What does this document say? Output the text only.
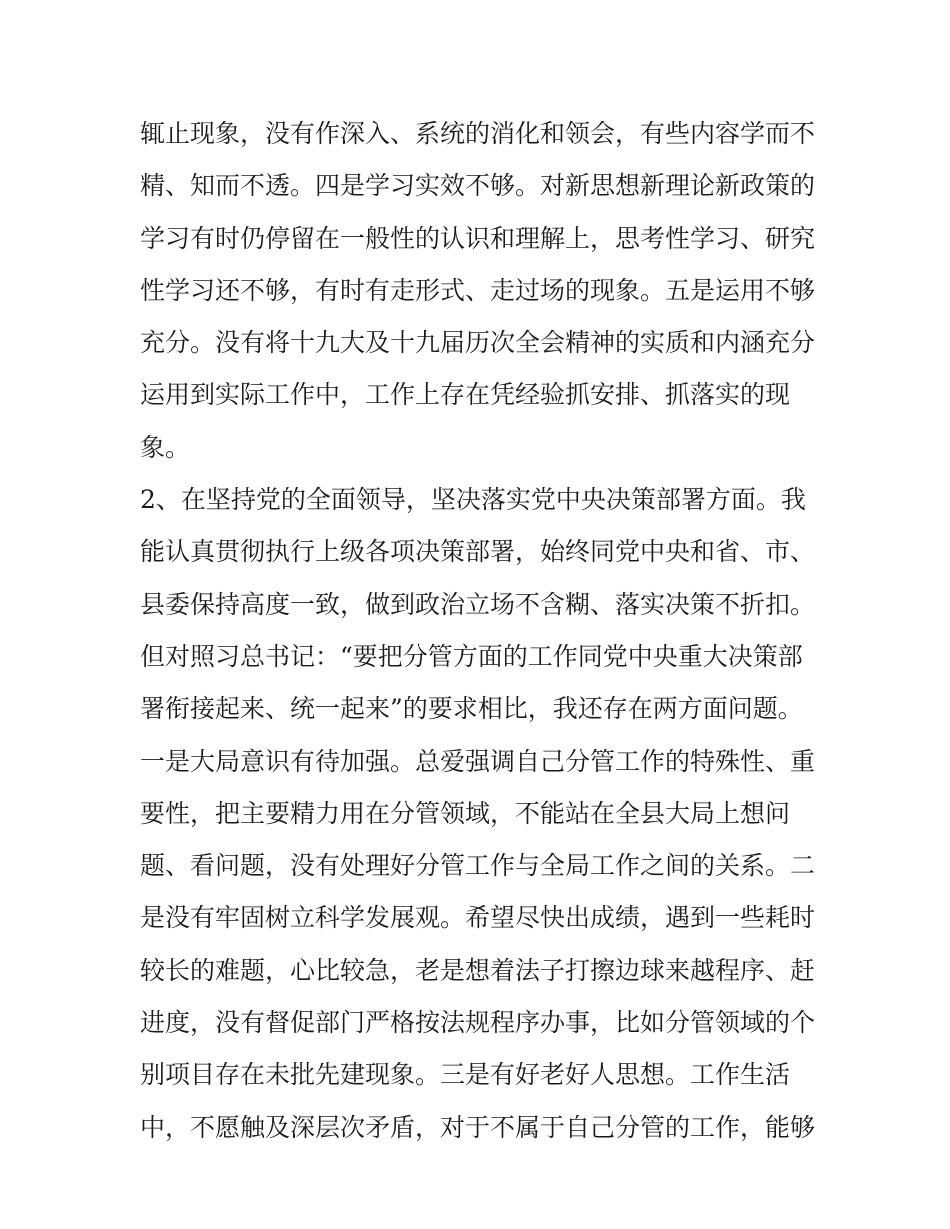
辄止现象，没有作深入、系统的消化和领会，有些内容学而不
精、知而不透。四是学习实效不够。对新思想新理论新政策的
学习有时仍停留在一般性的认识和理解上，思考性学习、研究
性学习还不够，有时有走形式、走过场的现象。五是运用不够
充分。没有将十九大及十九届历次全会精神的实质和内涵充分
运用到实际工作中，工作上存在凭经验抓安排、抓落实的现
象。
2、在坚持党的全面领导，坚决落实党中央决策部署方面。我
能认真贯彻执行上级各项决策部署，始终同党中央和省、市、
县委保持高度一致，做到政治立场不含糊、落实决策不折扣。
但对照习总书记：“要把分管方面的工作同党中央重大决策部
署衔接起来、统一起来”的要求相比，我还存在两方面问题。
一是大局意识有待加强。总爱强调自己分管工作的特殊性、重
要性，把主要精力用在分管领域，不能站在全县大局上想问
题、看问题，没有处理好分管工作与全局工作之间的关系。二
是没有牢固树立科学发展观。希望尽快出成绩，遇到一些耗时
较长的难题，心比较急，老是想着法子打擦边球来越程序、赶
进度，没有督促部门严格按法规程序办事，比如分管领域的个
别项目存在未批先建现象。三是有好老好人思想。工作生活
中，不愿触及深层次矛盾，对于不属于自己分管的工作，能够
